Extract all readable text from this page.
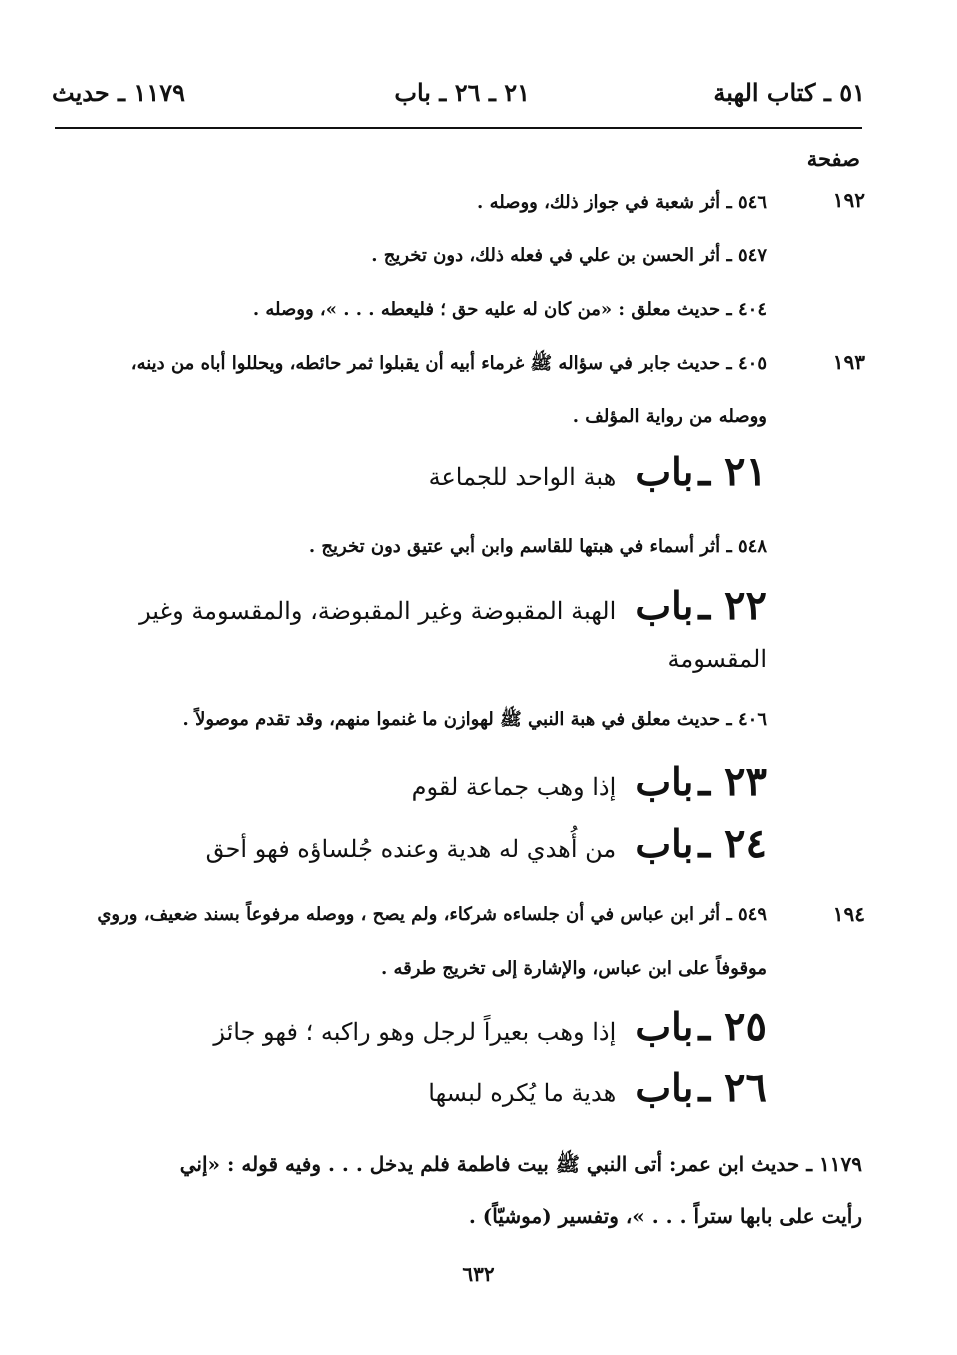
٥١ ـ كتاب الهبة
٢١ ـ ٢٦ ـ باب
١١٧٩ ـ حديث
صفحة
١٩٢
٥٤٦ ـ أثر شعبة في جواز ذلك، ووصله .
٥٤٧ ـ أثر الحسن بن علي في فعله ذلك، دون تخريج .
٤٠٤ ـ حديث معلق : «من كان له عليه حق ؛ فليعطه . . . »، ووصله .
١٩٣
٤٠٥ ـ حديث جابر في سؤاله ﷺ غرماء أبيه أن يقبلوا ثمر حائطه، ويحللوا أباه من دينه،
ووصله من رواية المؤلف .
٢١ ـ باب هبة الواحد للجماعة
٥٤٨ ـ أثر أسماء في هبتها للقاسم وابن أبي عتيق دون تخريج .
٢٢ ـ باب الهبة المقبوضة وغير المقبوضة، والمقسومة وغير
المقسومة
٤٠٦ ـ حديث معلق في هبة النبي ﷺ لهوازن ما غنموا منهم، وقد تقدم موصولاً .
٢٣ ـ باب إذا وهب جماعة لقوم
٢٤ ـ باب من أُهدي له هدية وعنده جُلساؤه فهو أحق
١٩٤
٥٤٩ ـ أثر ابن عباس في أن جلساءه شركاء، ولم يصح ، ووصله مرفوعاً بسند ضعيف، وروي
موقوفاً على ابن عباس، والإشارة إلى تخريج طرقه .
٢٥ ـ باب إذا وهب بعيراً لرجل وهو راكبه ؛ فهو جائز
٢٦ ـ باب هدية ما يُكره لبسها
١١٧٩ ـ حديث ابن عمر: أتى النبي ﷺ بيت فاطمة فلم يدخل . . . وفيه قوله : «إني
رأيت على بابها ستراً . . . »، وتفسير (موشيّاً) .
٦٣٢
